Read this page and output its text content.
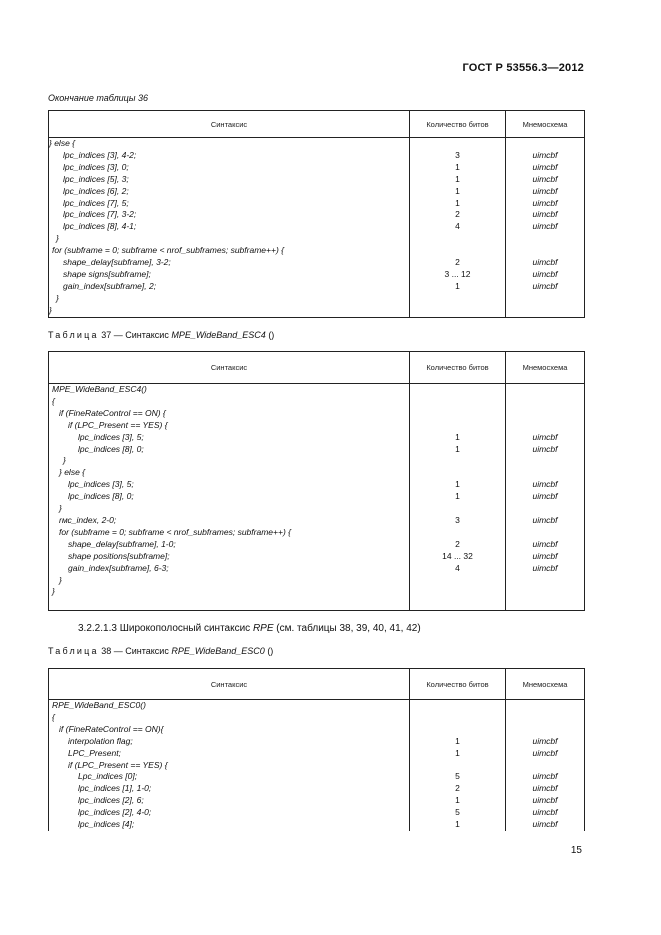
ГОСТ Р 53556.3—2012
Окончание таблицы 36
Синтаксис	Количество битов	Мнемосхема
} else {		
lpc_indices [3], 4-2;	3	uimcbf
lpc_indices [3], 0;	1	uimcbf
lpc_indices [5], 3;	1	uimcbf
lpc_indices [6], 2;	1	uimcbf
lpc_indices [7], 5;	1	uimcbf
lpc_indices [7], 3-2;	2	uimcbf
lpc_indices [8], 4-1;	4	uimcbf
}		
for (subframe = 0; subframe < nrof_subframes; subframe++) {		
shape_delay[subframe], 3-2;	2	uimcbf
shape signs[subframe];	3 ... 12	uimcbf
gain_index[subframe], 2;	1	uimcbf
}		
}		
Таблица 37 — Синтаксис MPE_WideBand_ESC4 ()
Синтаксис	Количество битов	Мнемосхема
MPE_WideBand_ESC4()		
{		
if (FineRateControl == ON) {		
if (LPC_Present == YES) {		
lpc_indices [3], 5;	1	uimcbf
lpc_indices [8], 0;	1	uimcbf
}		
} else {		
lpc_indices [3], 5;	1	uimcbf
lpc_indices [8], 0;	1	uimcbf
}		
rмс_index, 2-0;	3	uimcbf
for (subframe = 0; subframe < nrof_subframes; subframe++) {		
shape_delay[subframe], 1-0;	2	uimcbf
shape positions[subframe];	14 ... 32	uimcbf
gain_index[subframe], 6-3;	4	uimcbf
}		
}		

3.2.2.1.3 Широкополосный синтаксис RPE (см. таблицы 38, 39, 40, 41, 42)
Таблица 38 — Синтаксис RPE_WideBand_ESC0 ()
Синтаксис	Количество битов	Мнемосхема
RPE_WideBand_ESC0()		
{		
if (FineRateControl == ON){		
interpolation flag;	1	uimcbf
LPC_Present;	1	uimcbf
if (LPC_Present == YES) {		
Lpc_indices [0];	5	uimcbf
lpc_indices [1], 1-0;	2	uimcbf
lpc_indices [2], 6;	1	uimcbf
lpc_indices [2], 4-0;	5	uimcbf
lpc_indices [4];	1	uimcbf
15
